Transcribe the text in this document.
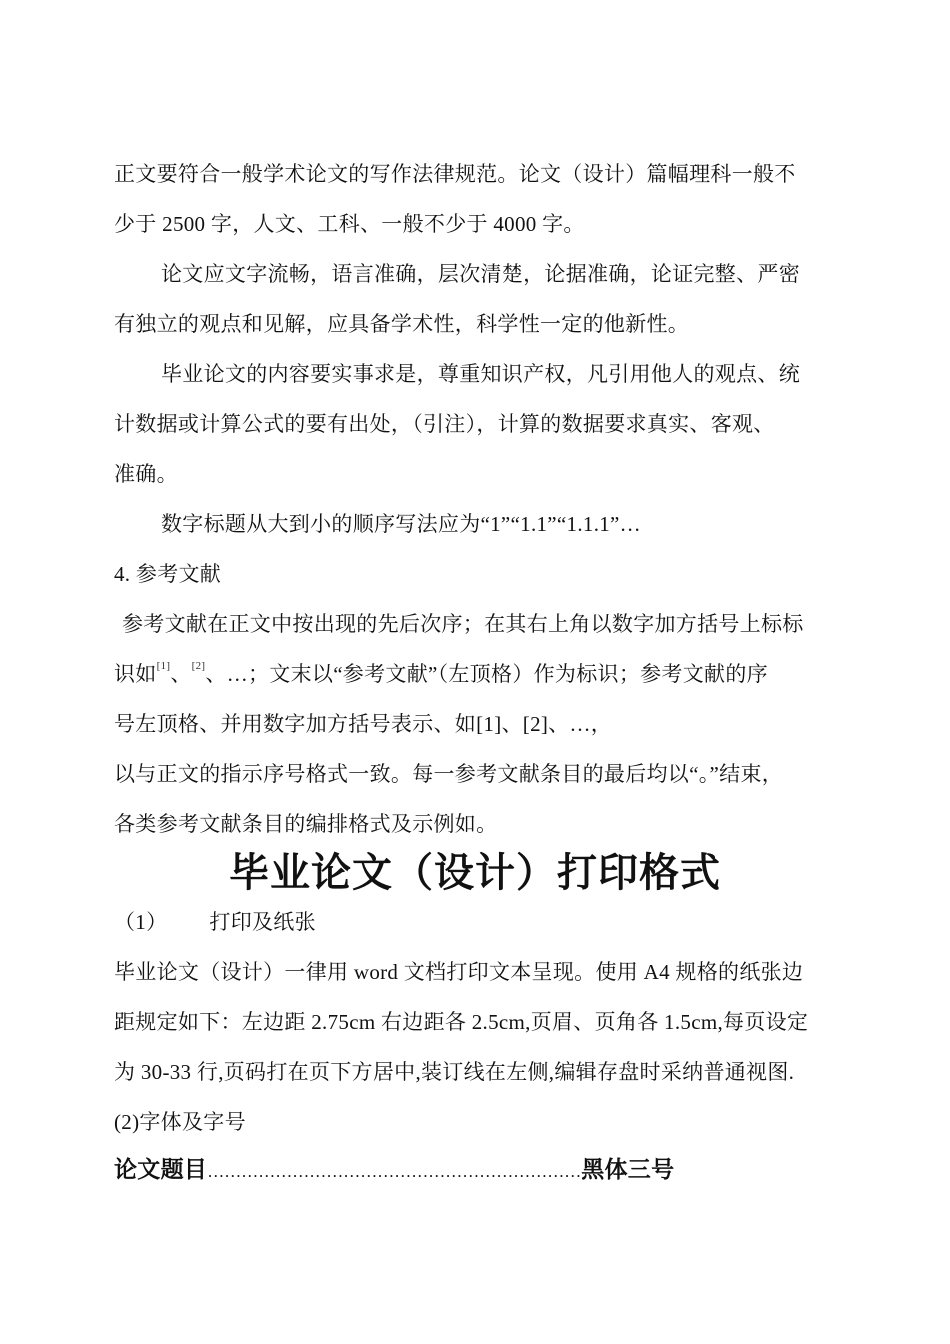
正文要符合一般学术论文的写作法律规范。论文（设计）篇幅理科一般不
少于 2500 字，人文、工科、一般不少于 4000 字。
论文应文字流畅，语言准确，层次清楚，论据准确，论证完整、严密
有独立的观点和见解，应具备学术性，科学性一定的他新性。
毕业论文的内容要实事求是，尊重知识产权，凡引用他人的观点、统
计数据或计算公式的要有出处，（引注），计算的数据要求真实、客观、
准确。
数字标题从大到小的顺序写法应为“1”“1.1”“1.1.1”…
4. 参考文献
参考文献在正文中按出现的先后次序；在其右上角以数字加方括号上标标
识如[1]、[2]、…；文末以“参考文献”（左顶格）作为标识；参考文献的序
号左顶格、并用数字加方括号表示、如[1]、[2]、…，
以与正文的指示序号格式一致。每一参考文献条目的最后均以“。”结束，
各类参考文献条目的编排格式及示例如。
毕业论文（设计）打印格式
（1） 打印及纸张
毕业论文（设计）一律用 word 文档打印文本呈现。使用 A4 规格的纸张边
距规定如下：左边距 2.75cm 右边距各 2.5cm,页眉、页角各 1.5cm,每页设定
为 30-33 行,页码打在页下方居中,装订线在左侧,编辑存盘时采纳普通视图.
(2)字体及字号
论文题目…………………………………………………………黑体三号
